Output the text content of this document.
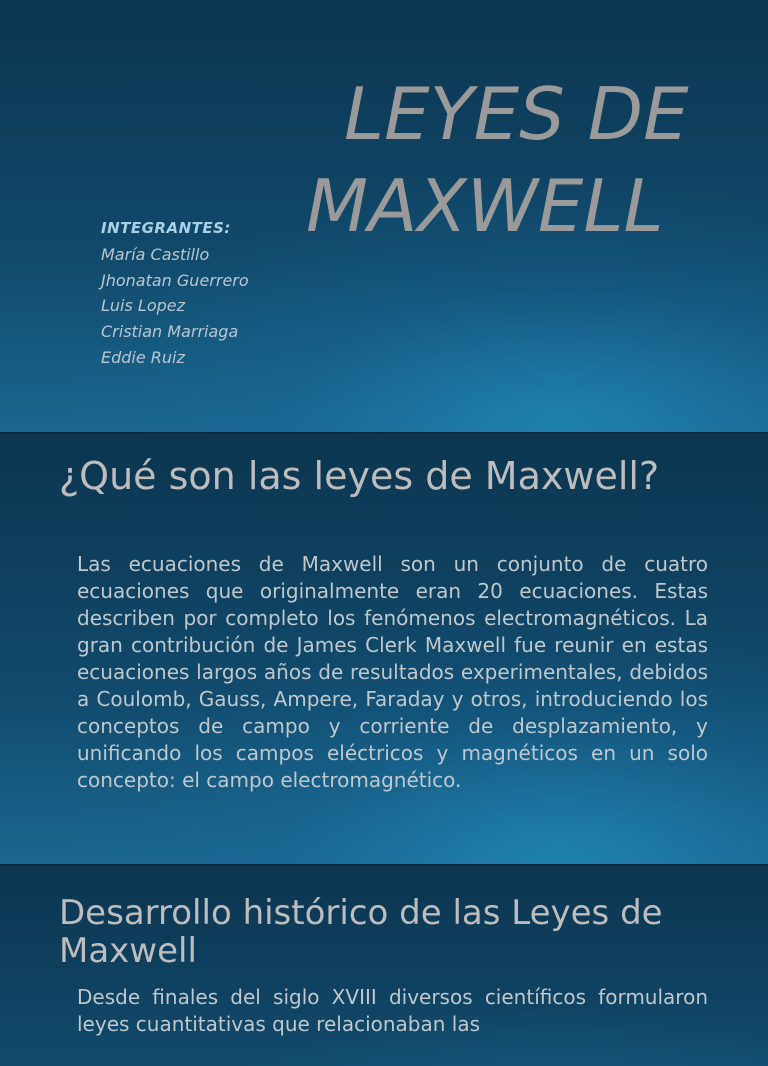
LEYES DE
MAXWELL
INTEGRANTES:
María Castillo
Jhonatan Guerrero
Luis Lopez
Cristian Marriaga
Eddie Ruiz
¿Qué son las leyes de Maxwell?
Las ecuaciones de Maxwell son un conjunto de cuatro ecuaciones que originalmente eran 20 ecuaciones. Estas describen por completo los fenómenos electromagnéticos. La gran contribución de James Clerk Maxwell fue reunir en estas ecuaciones largos años de resultados experimentales, debidos a Coulomb, Gauss, Ampere, Faraday y otros, introduciendo los conceptos de campo y corriente de desplazamiento, y unificando los campos eléctricos y magnéticos en un solo concepto: el campo electromagnético.
Desarrollo histórico de las Leyes de Maxwell
Desde finales del siglo XVIII diversos científicos formularon leyes cuantitativas que relacionaban las
